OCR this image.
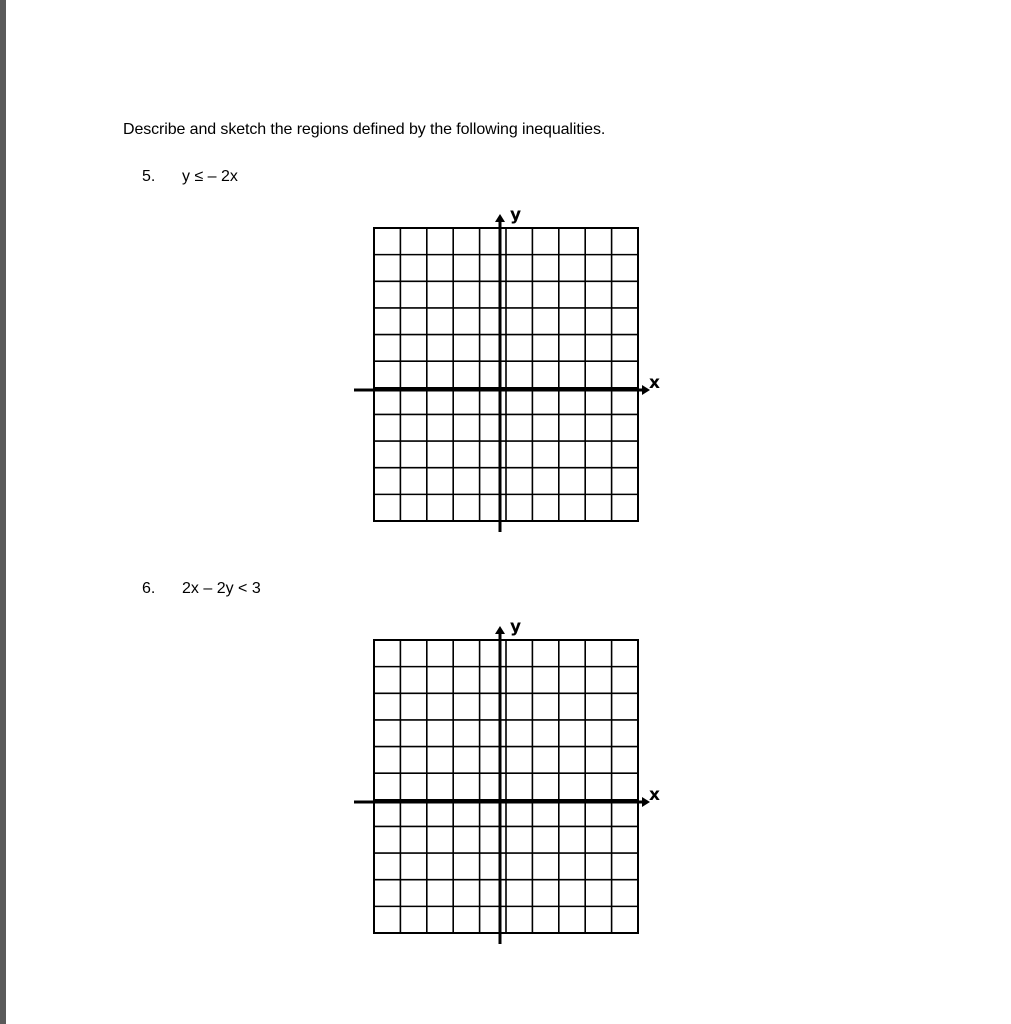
Describe and sketch the regions defined by the following inequalities.
5. y ≤ – 2x
x
y
6. 2x – 2y < 3
x
y
